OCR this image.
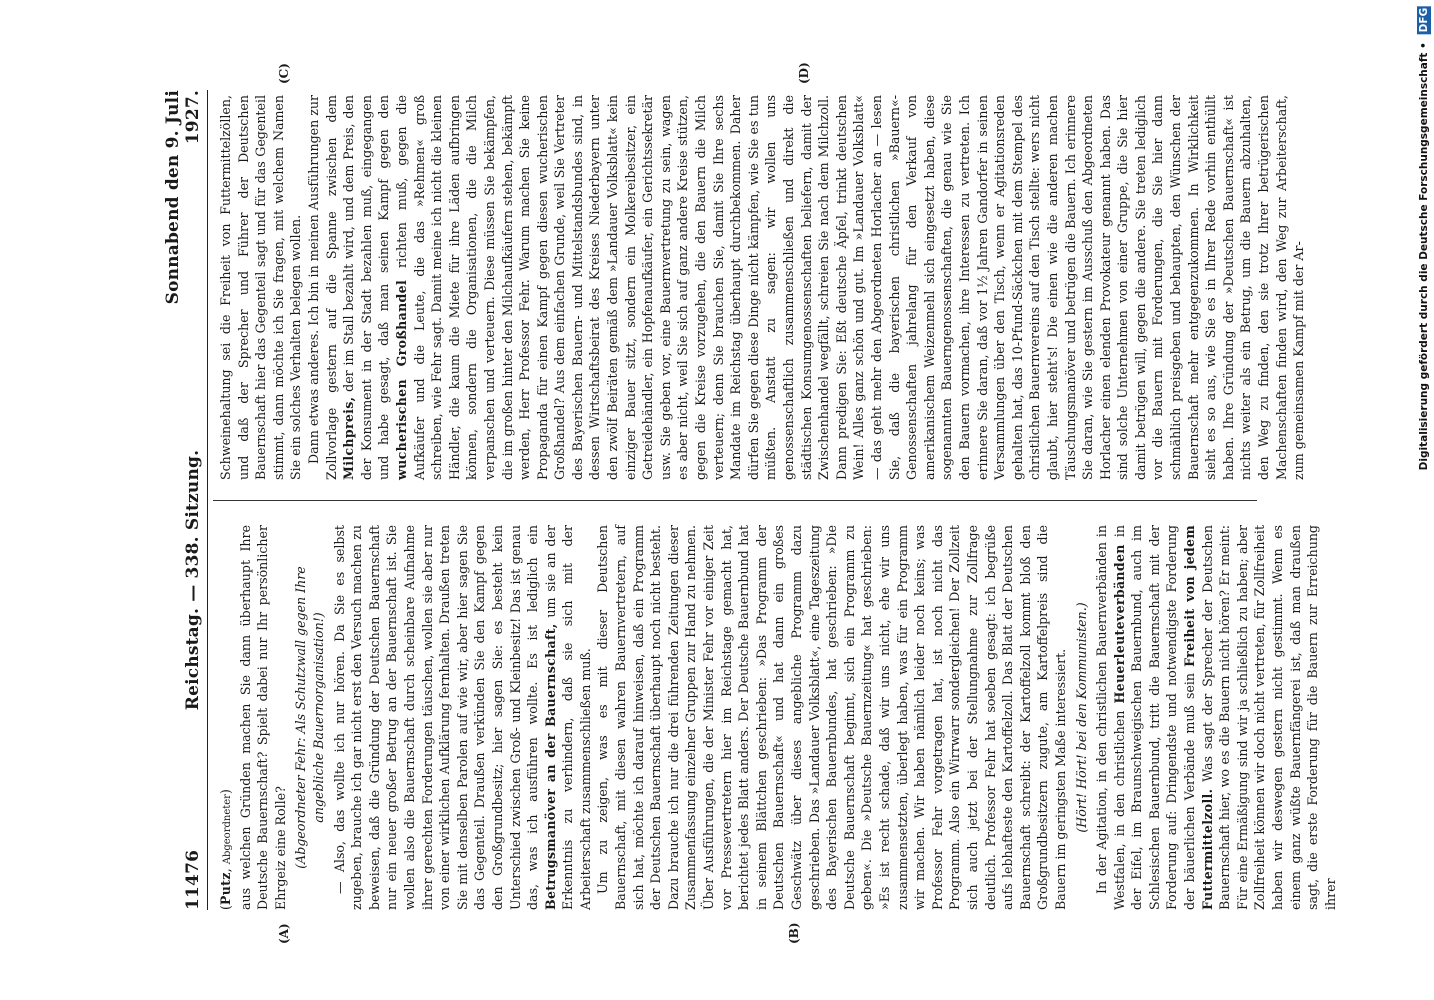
11476
Reichstag. — 338. Sitzung.
Sonnabend den 9. Juli 1927.
(A)	(B)
(C)	(D)

(Putz, Abgeordneter) aus welchen Gründen machen Sie dann überhaupt Ihre Deutsche Bauernschaft? Spielt dabei nur Ihr persönlicher Ehrgeiz eine Rolle? (Abgeordneter Fehr: Als Schutzwall gegen Ihre angebliche Bauernorganisation!) — Also, das wollte ich nur hören. Da Sie es selbst zugeben, brauche ich gar nicht erst den Versuch machen zu beweisen, daß die Gründung der Deutschen Bauernschaft nur ein neuer großer Betrug an der Bauernschaft ist. Sie wollen also die Bauernschaft durch scheinbare Aufnahme ihrer gerechten Forderungen täuschen, wollen sie aber nur von einer wirklichen Aufklärung fernhalten. Draußen treten Sie mit denselben Parolen auf wie wir, aber hier sagen Sie das Gegenteil. Draußen verkünden Sie den Kampf gegen den Großgrundbesitz; hier sagen Sie: es besteht kein Unterschied zwischen Groß- und Kleinbesitz! Das ist genau das, was ich ausführen wollte. Es ist lediglich ein Betrugsmanöver an der Bauernschaft, um sie an der Erkenntnis zu verhindern, daß sie sich mit der Arbeiterschaft zusammenschließen muß. Um zu zeigen, was es mit dieser Deutschen Bauernschaft, mit diesen wahren Bauernvertretern, auf sich hat, möchte ich darauf hinweisen, daß ein Programm der Deutschen Bauernschaft überhaupt noch nicht besteht. Dazu brauche ich nur die drei führenden Zeitungen dieser Zusammenfassung einzelner Gruppen zur Hand zu nehmen. Über Ausführungen, die der Minister Fehr vor einiger Zeit vor Pressevertretern hier im Reichstage gemacht hat, berichtet jedes Blatt anders. Der Deutsche Bauernbund hat in seinem Blättchen geschrieben: »Das Programm der Deutschen Bauernschaft« und hat dann ein großes Geschwätz über dieses angebliche Programm dazu geschrieben. Das »Landauer Volksblatt«, eine Tageszeitung des Bayerischen Bauernbundes, hat geschrieben: »Die Deutsche Bauernschaft beginnt, sich ein Programm zu geben«. Die »Deutsche Bauernzeitung« hat geschrieben: »Es ist recht schade, daß wir uns nicht, ehe wir uns zusammensetzten, überlegt haben, was für ein Programm wir machen. Wir haben nämlich leider noch keins; was Professor Fehr vorgetragen hat, ist noch nicht das Programm. Also ein Wirrwarr sondergleichen! Der Zollzeit sich auch jetzt bei der Stellungnahme zur Zollfrage deutlich. Professor Fehr hat soeben gesagt: ich begrüße aufs lebhafteste den Kartoffelzoll. Das Blatt der Deutschen Bauernschaft schreibt: der Kartoffelzoll kommt bloß den Großgrundbesitzern zugute, am Kartoffelpreis sind die Bauern im geringsten Maße interessiert. (Hört! Hört! bei den Kommunisten.) In der Agitation, in den christlichen Bauernverbänden in Westfalen, in den christlichen Heuerleuteverbänden in der Eifel, im Braunschweigischen Bauernbund, auch im Schlesischen Bauernbund, tritt die Bauernschaft mit der Forderung auf: Dringendste und notwendigste Forderung der bäuerlichen Verbände muß sein Freiheit von jedem Futtermittelzoll. Was sagt der Sprecher der Deutschen Bauernschaft hier, wo es die Bauern nicht hören? Er meint: Für eine Ermäßigung sind wir ja schließlich zu haben; aber Zollfreiheit können wir doch nicht vertreten, für Zollfreiheit haben wir deswegen gestern nicht gestimmt. Wenn es einem ganz wüßte Bauernfängerei ist, daß man draußen sagt, die erste Forderung für die Bauern zur Erreichung ihrer

Schweinehaltung sei die Freiheit von Futtermittelzöllen, und daß der Sprecher und Führer der Deutschen Bauernschaft hier das Gegenteil sagt und für das Gegenteil stimmt, dann möchte ich Sie fragen, mit welchem Namen Sie ein solches Verhalten belegen wollen. Dann etwas anderes. Ich bin in meinen Ausführungen zur Zollvorlage gestern auf die Spanne zwischen dem Milchpreis, der im Stall bezahlt wird, und dem Preis, den der Konsument in der Stadt bezahlen muß, eingegangen und habe gesagt, daß man seinen Kampf gegen den wucherischen Großhandel richten muß, gegen die Aufkäufer und die Leute, die das »Rehmen« groß schreiben, wie Fehr sagt. Damit meine ich nicht die kleinen Händler, die kaum die Miete für ihre Läden aufbringen können, sondern die Organisationen, die die Milch verpanschen und verteuern. Diese müssen Sie bekämpfen, die im großen hinter den Milchaufkäufern stehen, bekämpft werden, Herr Professor Fehr. Warum machen Sie keine Propaganda für einen Kampf gegen diesen wucherischen Großhandel? Aus dem einfachen Grunde, weil Sie Vertreter des Bayerischen Bauern- und Mittelstandsbundes sind, in dessen Wirtschaftsbeirat des Kreises Niederbayern unter den zwölf Beiräten gemäß dem »Landauer Volksblatt« kein einziger Bauer sitzt, sondern ein Molkereibesitzer, ein Getreidehändler, ein Hopfenaufkäufer, ein Gerichtssekretär usw. Sie geben vor, eine Bauernvertretung zu sein, wagen es aber nicht, weil Sie sich auf ganz andere Kreise stützen, gegen die Kreise vorzugehen, die den Bauern die Milch verteuern; denn Sie brauchen Sie, damit Sie Ihre sechs Mandate im Reichstag überhaupt durchbekommen. Daher dürfen Sie gegen diese Dinge nicht kämpfen, wie Sie es tun müßten. Anstatt zu sagen: wir wollen uns genossenschaftlich zusammenschließen und direkt die städtischen Konsumgenossenschaften beliefern, damit der Zwischenhandel wegfällt, schreien Sie nach dem Milchzoll. Dann predigen Sie: Eßt deutsche Äpfel, trinkt deutschen Wein! Alles ganz schön und gut. Im »Landauer Volksblatt« — das geht mehr den Abgeordneten Horlacher an — lesen Sie, daß die bayerischen christlichen »Bauern«-Genossenschaften jahrelang für den Verkauf von amerikanischem Weizenmehl sich eingesetzt haben, diese sogenannten Bauerngenossenschaften, die genau wie Sie den Bauern vormachen, ihre Interessen zu vertreten. Ich erinnere Sie daran, daß vor 1½ Jahren Gandorfer in seinen Versammlungen über den Tisch, wenn er Agitationsreden gehalten hat, das 10-Pfund-Säckchen mit dem Stempel des christlichen Bauernvereins auf den Tisch stellte: wers nicht glaubt, hier steht's! Die einen wie die anderen machen Täuschungsmanöver und betrügen die Bauern. Ich erinnere Sie daran, wie Sie gestern im Ausschuß den Abgeordneten Horlacher einen elenden Provokateur genannt haben. Das sind solche Unternehmen von einer Gruppe, die Sie hier damit betrügen will, gegen die andere. Sie treten lediglich vor die Bauern mit Forderungen, die Sie hier dann schmählich preisgeben und behaupten, den Wünschen der Bauernschaft mehr entgegenzukommen. In Wirklichkeit sieht es so aus, wie Sie es in Ihrer Rede vorhin enthüllt haben. Ihre Gründung der »Deutschen Bauernschaft« ist nichts weiter als ein Betrug, um die Bauern abzuhalten, den Weg zu finden, den sie trotz Ihrer betrügerischen Machenschaften finden wird, den Weg zur Arbeiterschaft, zum gemeinsamen Kampf mit der Ar-	Digitalisierung gefördert durch die Deutsche Forschungsgemeinschaft • DFG
